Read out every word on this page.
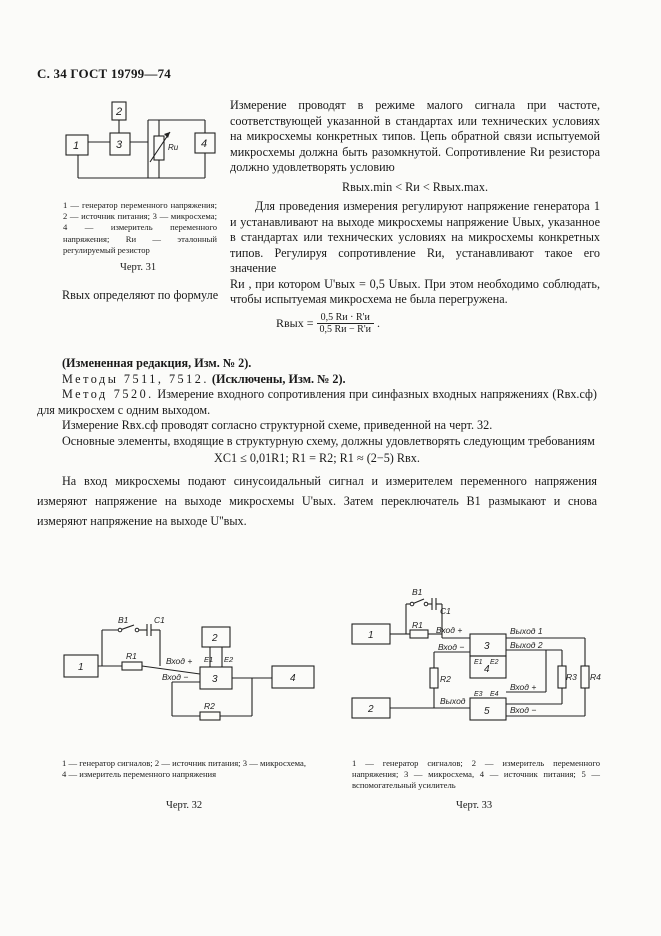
С. 34 ГОСТ 19799—74
2
1	3	4
Rи
1 — генератор переменного напряжения; 2 — источник питания; 3 — микросхема; 4 — измеритель переменного напряжения; Rи — эталонный регулируемый резистор
Черт. 31

Измерение проводят в режиме малого сигнала при частоте, соответствующей указанной в стандартах или технических условиях на микросхемы конкретных типов. Цепь обратной связи испытуемой микросхемы должна быть разомкнутой. Сопротивление Rи резистора должно удовлетворять условию

Rвых.min < Rи < Rвых.max.

Для проведения измерения регулируют напряжение генератора 1 и устанавливают на выходе микросхемы напряжение Uвых, указанное в стандартах или технических условиях на микросхемы конкретных типов. Регулируя сопротивление Rи, устанавливают такое его значение

Rи , при котором U'вых = 0,5 Uвых. При этом необходимо соблюдать, чтобы испытуемая микросхема не была перегружена.

Rвых определяют по формуле
Rвых = 0,5 Rи · R'и
0,5 Rи − R'и .

(Измененная редакция, Изм. № 2).

Методы 7511, 7512. (Исключены, Изм. № 2).

Метод 7520. Измерение входного сопротивления при синфазных входных напряжениях (Rвх.сф) для микросхем с одним выходом.

Измерение Rвх.сф проводят согласно структурной схеме, приведенной на черт. 32.

Основные элементы, входящие в структурную схему, должны удовлетворять следующим требованиям

XC1 ≤ 0,01R1; R1 = R2; R1 ≈ (2−5) Rвх.

На вход микросхемы подают синусоидальный сигнал и измерителем переменного напряжения измеряют напряжение на выходе микросхемы U'вых. Затем переключатель В1 размыкают и снова измеряют напряжение на выходе U''вых.

1
2
3	4
B1	C1
R1
R2
E1 E2
Вход +
Вход −
1 — генератор сигналов; 2 — источник питания; 3 — микросхема, 4 — измеритель переменного напряжения
Черт. 32
1
2
3
4
5
B1
C1
R1
R2	R3 R4
E1 E2
E3 E4
Вход +
Вход −
Вход +
Вход −
Выход 1
Выход 2
Выход
1 — генератор сигналов; 2 — измеритель переменного напряжения; 3 — микросхема, 4 — источник питания; 5 — вспомогательный усилитель
Черт. 33
